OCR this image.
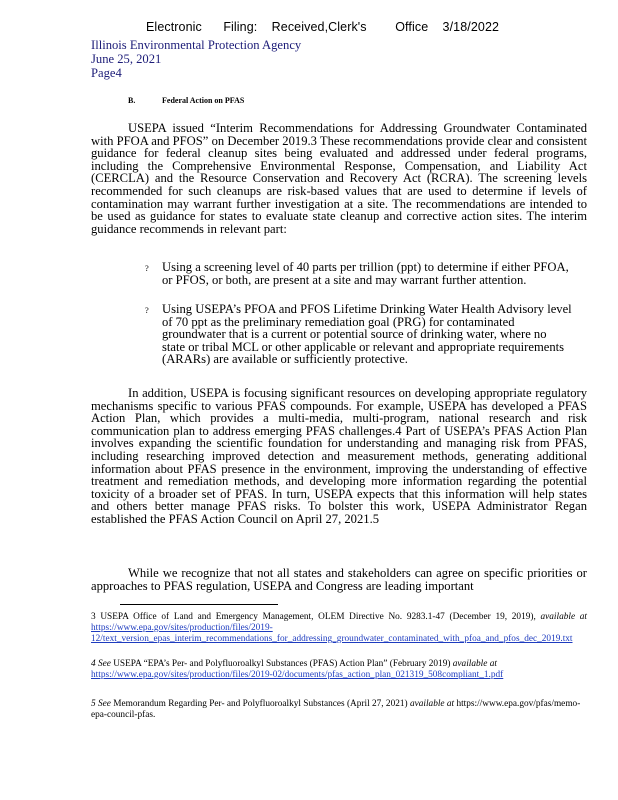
Electronic      Filing:    Received,Clerk's        Office    3/18/2022
Illinois Environmental Protection Agency
June 25, 2021
Page4
B.	Federal Action on PFAS

USEPA issued “Interim Recommendations for Addressing Groundwater Contaminated with PFOA and PFOS” on December 2019.3 These recommendations provide clear and consistent guidance for federal cleanup sites being evaluated and addressed under federal programs, including the Comprehensive Environmental Response, Compensation, and Liability Act (CERCLA) and the Resource Conservation and Recovery Act (RCRA). The screening levels recommended for such cleanups are risk-based values that are used to determine if levels of contamination may warrant further investigation at a site. The recommendations are intended to be used as guidance for states to evaluate state cleanup and corrective action sites. The interim guidance recommends in relevant part:

? Using a screening level of 40 parts per trillion (ppt) to determine if either PFOA, or PFOS, or both, are present at a site and may warrant further attention.
? Using USEPA’s PFOA and PFOS Lifetime Drinking Water Health Advisory level of 70 ppt as the preliminary remediation goal (PRG) for contaminated groundwater that is a current or potential source of drinking water, where no state or tribal MCL or other applicable or relevant and appropriate requirements (ARARs) are available or sufficiently protective.

In addition, USEPA is focusing significant resources on developing appropriate regulatory mechanisms specific to various PFAS compounds. For example, USEPA has developed a PFAS Action Plan, which provides a multi-media, multi-program, national research and risk communication plan to address emerging PFAS challenges.4 Part of USEPA’s PFAS Action Plan involves expanding the scientific foundation for understanding and managing risk from PFAS, including researching improved detection and measurement methods, generating additional information about PFAS presence in the environment, improving the understanding of effective treatment and remediation methods, and developing more information regarding the potential toxicity of a broader set of PFAS. In turn, USEPA expects that this information will help states and others better manage PFAS risks. To bolster this work, USEPA Administrator Regan established the PFAS Action Council on April 27, 2021.5

While we recognize that not all states and stakeholders can agree on specific priorities or approaches to PFAS regulation, USEPA and Congress are leading important

3 USEPA Office of Land and Emergency Management, OLEM Directive No. 9283.1-47 (December 19, 2019), available at https://www.epa.gov/sites/production/files/2019-12/text_version_epas_interim_recommendations_for_addressing_groundwater_contaminated_with_pfoa_and_pfos_dec_2019.txt
4 See USEPA “EPA’s Per- and Polyfluoroalkyl Substances (PFAS) Action Plan” (February 2019) available at https://www.epa.gov/sites/production/files/2019-02/documents/pfas_action_plan_021319_508compliant_1.pdf
5 See Memorandum Regarding Per- and Polyfluoroalkyl Substances (April 27, 2021) available at https://www.epa.gov/pfas/memo-epa-council-pfas.
